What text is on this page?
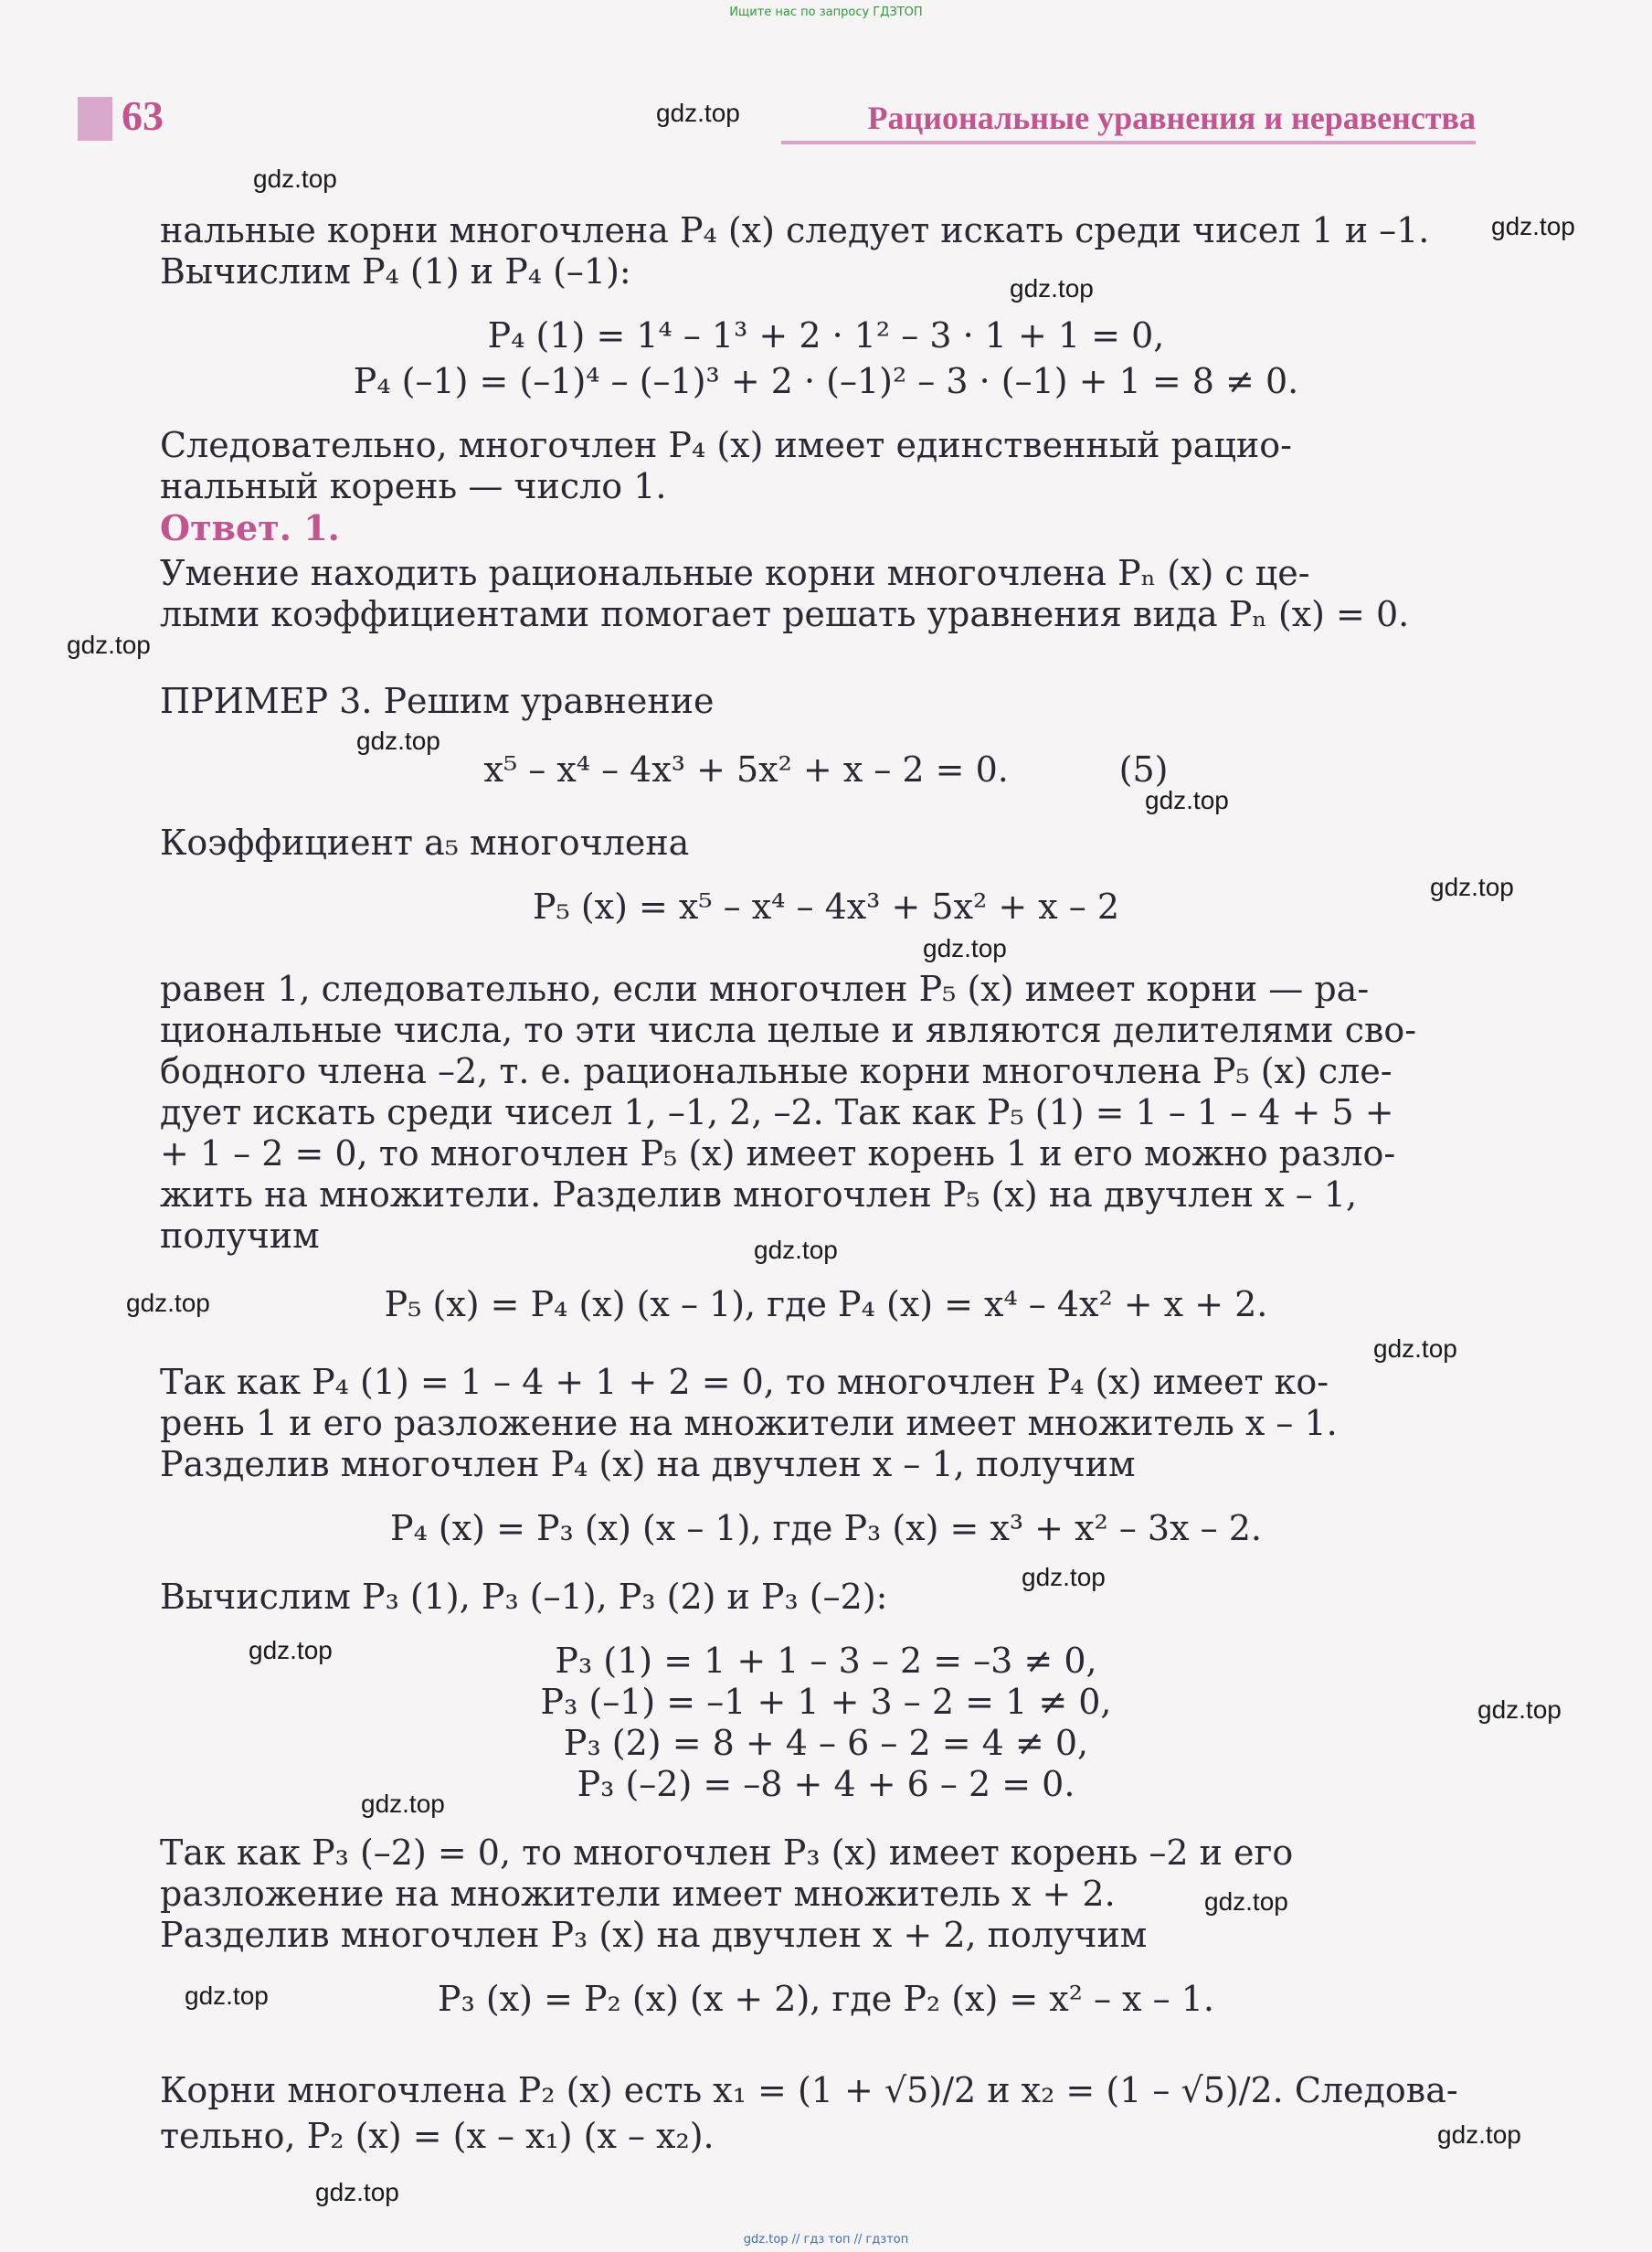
Ищите нас по запросу ГДЗТОП
63	Рациональные уравнения и неравенства
нальные корни многочлена P₄ (x) следует искать среди чисел 1 и –1.
Вычислим P₄ (1) и P₄ (–1):
P₄ (1) = 1⁴ – 1³ + 2 · 1² – 3 · 1 + 1 = 0,
P₄ (–1) = (–1)⁴ – (–1)³ + 2 · (–1)² – 3 · (–1) + 1 = 8 ≠ 0.
Следовательно, многочлен P₄ (x) имеет единственный рацио-
нальный корень — число 1.
Ответ. 1.
Умение находить рациональные корни многочлена Pₙ (x) с це-
лыми коэффициентами помогает решать уравнения вида Pₙ (x) = 0.
ПРИМЕР 3. Решим уравнение
x⁵ – x⁴ – 4x³ + 5x² + x – 2 = 0.          (5)
Коэффициент a₅ многочлена
P₅ (x) = x⁵ – x⁴ – 4x³ + 5x² + x – 2
равен 1, следовательно, если многочлен P₅ (x) имеет корни — ра-
циональные числа, то эти числа целые и являются делителями сво-
бодного члена –2, т. е. рациональные корни многочлена P₅ (x) сле-
дует искать среди чисел 1, –1, 2, –2. Так как P₅ (1) = 1 – 1 – 4 + 5 +
+ 1 – 2 = 0, то многочлен P₅ (x) имеет корень 1 и его можно разло-
жить на множители. Разделив многочлен P₅ (x) на двучлен x – 1,
получим
P₅ (x) = P₄ (x) (x – 1), где P₄ (x) = x⁴ – 4x² + x + 2.
Так как P₄ (1) = 1 – 4 + 1 + 2 = 0, то многочлен P₄ (x) имеет ко-
рень 1 и его разложение на множители имеет множитель x – 1.
Разделив многочлен P₄ (x) на двучлен x – 1, получим
P₄ (x) = P₃ (x) (x – 1), где P₃ (x) = x³ + x² – 3x – 2.
Вычислим P₃ (1), P₃ (–1), P₃ (2) и P₃ (–2):
P₃ (1) = 1 + 1 – 3 – 2 = –3 ≠ 0,
P₃ (–1) = –1 + 1 + 3 – 2 = 1 ≠ 0,
P₃ (2) = 8 + 4 – 6 – 2 = 4 ≠ 0,
P₃ (–2) = –8 + 4 + 6 – 2 = 0.
Так как P₃ (–2) = 0, то многочлен P₃ (x) имеет корень –2 и его
разложение на множители имеет множитель x + 2.
Разделив многочлен P₃ (x) на двучлен x + 2, получим
P₃ (x) = P₂ (x) (x + 2), где P₂ (x) = x² – x – 1.
Корни многочлена P₂ (x) есть x₁ = (1 + √5)/2 и x₂ = (1 – √5)/2. Следова-
тельно, P₂ (x) = (x – x₁) (x – x₂).
gdz.top
gdz.top
gdz.top
gdz.top
gdz.top
gdz.top
gdz.top
gdz.top
gdz.top
gdz.top
gdz.top
gdz.top
gdz.top
gdz.top
gdz.top
gdz.top
gdz.top
gdz.top
gdz.top
gdz.top
gdz.top // гдз топ // гдзтоп
